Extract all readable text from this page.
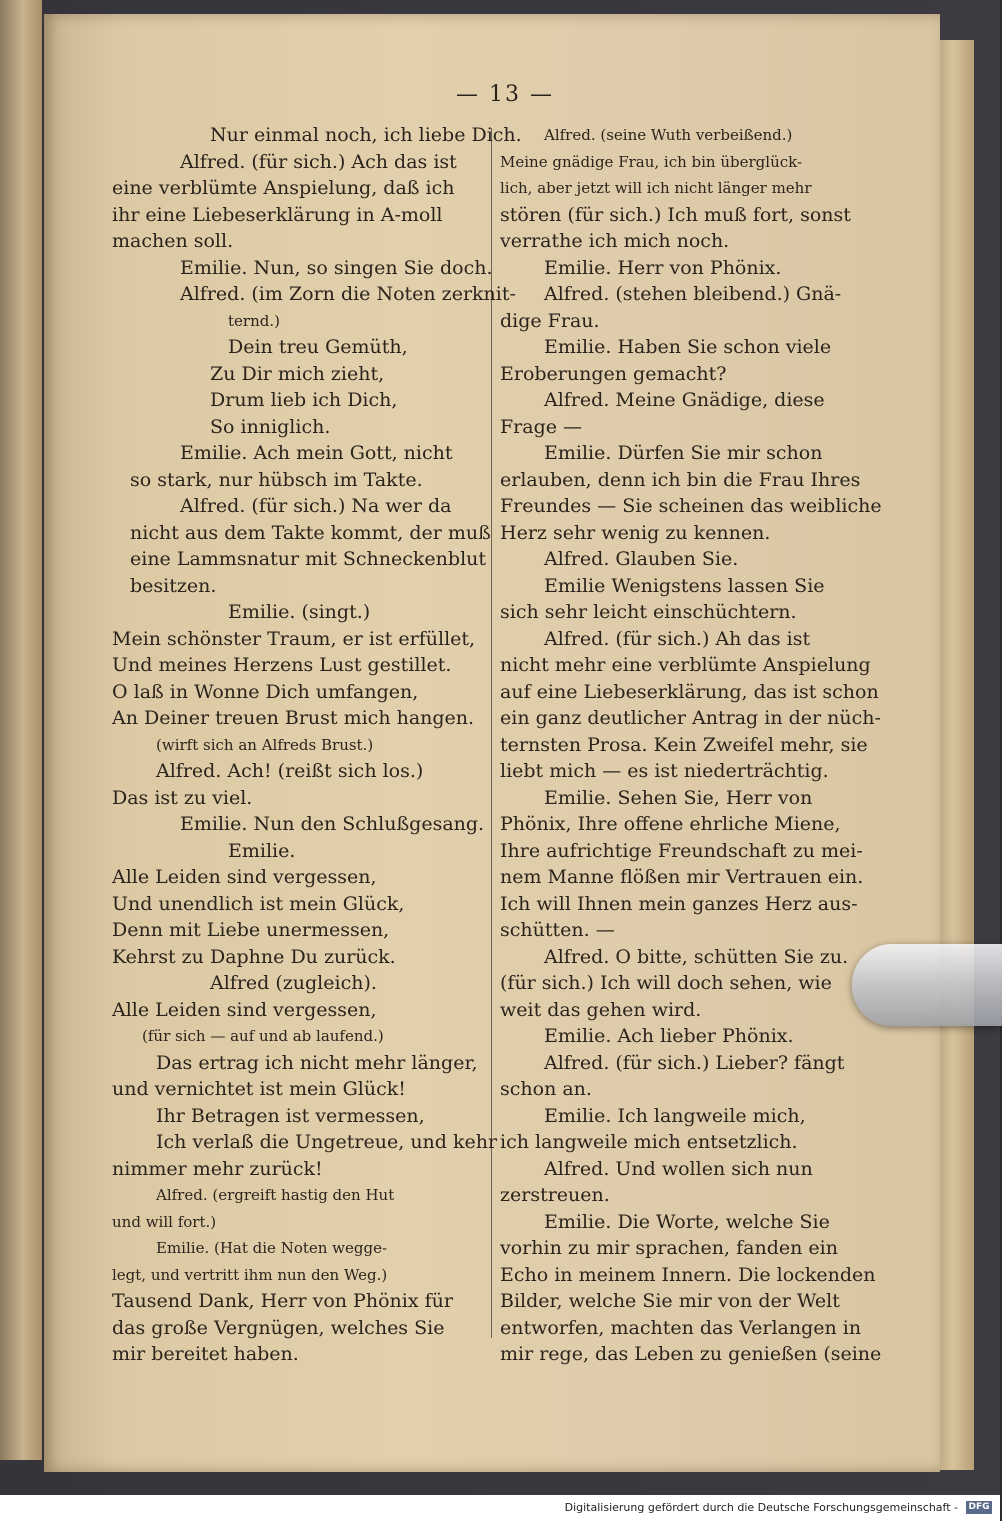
— 13 —
Nur einmal noch, ich liebe Dich.
Alfred. (für sich.) Ach das ist
eine verblümte Anspielung, daß ich
ihr eine Liebeserklärung in A-moll
machen soll.
Emilie. Nun, so singen Sie doch.
Alfred. (im Zorn die Noten zerknit-
ternd.)
Dein treu Gemüth,
Zu Dir mich zieht,
Drum lieb ich Dich,
So inniglich.
Emilie. Ach mein Gott, nicht
so stark, nur hübsch im Takte.
Alfred. (für sich.) Na wer da
nicht aus dem Takte kommt, der muß
eine Lammsnatur mit Schneckenblut
besitzen.
Emilie. (singt.)
Mein schönster Traum, er ist erfüllet,
Und meines Herzens Lust gestillet.
O laß in Wonne Dich umfangen,
An Deiner treuen Brust mich hangen.
(wirft sich an Alfreds Brust.)
Alfred. Ach! (reißt sich los.)
Das ist zu viel.
Emilie. Nun den Schlußgesang.
Emilie.
Alle Leiden sind vergessen,
Und unendlich ist mein Glück,
Denn mit Liebe unermessen,
Kehrst zu Daphne Du zurück.
Alfred (zugleich).
Alle Leiden sind vergessen,
(für sich — auf und ab laufend.)
Das ertrag ich nicht mehr länger,
und vernichtet ist mein Glück!
Ihr Betragen ist vermessen,
Ich verlaß die Ungetreue, und kehr
nimmer mehr zurück!
Alfred. (ergreift hastig den Hut
und will fort.)
Emilie. (Hat die Noten wegge-
legt, und vertritt ihm nun den Weg.)
Tausend Dank, Herr von Phönix für
das große Vergnügen, welches Sie
mir bereitet haben.
Alfred. (seine Wuth verbeißend.)
Meine gnädige Frau, ich bin überglück-
lich, aber jetzt will ich nicht länger mehr
stören (für sich.) Ich muß fort, sonst
verrathe ich mich noch.
Emilie. Herr von Phönix.
Alfred. (stehen bleibend.) Gnä-
dige Frau.
Emilie. Haben Sie schon viele
Eroberungen gemacht?
Alfred. Meine Gnädige, diese
Frage —
Emilie. Dürfen Sie mir schon
erlauben, denn ich bin die Frau Ihres
Freundes — Sie scheinen das weibliche
Herz sehr wenig zu kennen.
Alfred. Glauben Sie.
Emilie Wenigstens lassen Sie
sich sehr leicht einschüchtern.
Alfred. (für sich.) Ah das ist
nicht mehr eine verblümte Anspielung
auf eine Liebeserklärung, das ist schon
ein ganz deutlicher Antrag in der nüch-
ternsten Prosa. Kein Zweifel mehr, sie
liebt mich — es ist niederträchtig.
Emilie. Sehen Sie, Herr von
Phönix, Ihre offene ehrliche Miene,
Ihre aufrichtige Freundschaft zu mei-
nem Manne flößen mir Vertrauen ein.
Ich will Ihnen mein ganzes Herz aus-
schütten. —
Alfred. O bitte, schütten Sie zu.
(für sich.) Ich will doch sehen, wie
weit das gehen wird.
Emilie. Ach lieber Phönix.
Alfred. (für sich.) Lieber? fängt
schon an.
Emilie. Ich langweile mich,
ich langweile mich entsetzlich.
Alfred. Und wollen sich nun
zerstreuen.
Emilie. Die Worte, welche Sie
vorhin zu mir sprachen, fanden ein
Echo in meinem Innern. Die lockenden
Bilder, welche Sie mir von der Welt
entworfen, machten das Verlangen in
mir rege, das Leben zu genießen (seine
Digitalisierung gefördert durch die Deutsche Forschungsgemeinschaft - DFG
